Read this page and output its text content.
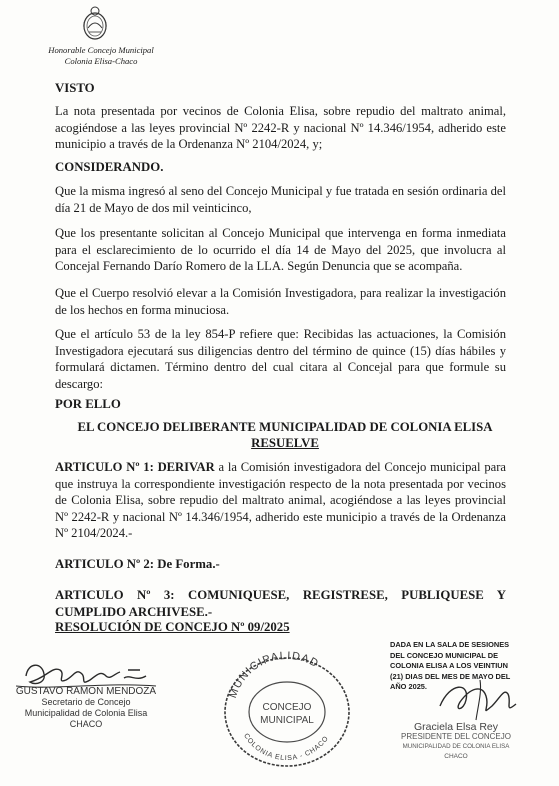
Honorable Concejo Municipal
Colonia Elisa-Chaco
VISTO
La nota presentada por vecinos de Colonia Elisa, sobre repudio del maltrato animal, acogiéndose a las leyes provincial Nº 2242-R y nacional Nº 14.346/1954, adherido este municipio a través de la Ordenanza Nº 2104/2024, y;
CONSIDERANDO.
Que la misma ingresó al seno del Concejo Municipal y fue tratada en sesión ordinaria del día 21 de Mayo de dos mil veinticinco,
Que los presentante solicitan al Concejo Municipal que intervenga en forma inmediata para el esclarecimiento de lo ocurrido el día 14 de Mayo del 2025, que involucra al Concejal Fernando Darío Romero de la LLA. Según Denuncia que se acompaña.
Que el Cuerpo resolvió elevar a la Comisión Investigadora, para realizar la investigación de los hechos en forma minuciosa.
Que el artículo 53 de la ley 854-P refiere que: Recibidas las actuaciones, la Comisión Investigadora ejecutará sus diligencias dentro del término de quince (15) días hábiles y formulará dictamen. Término dentro del cual citara al Concejal para que formule su descargo:
POR ELLO
EL CONCEJO DELIBERANTE MUNICIPALIDAD DE COLONIA ELISA
RESUELVE
ARTICULO Nº 1: DERIVAR a la Comisión investigadora del Concejo municipal para que instruya la correspondiente investigación respecto de la nota presentada por vecinos de Colonia Elisa, sobre repudio del maltrato animal, acogiéndose a las leyes provincial Nº 2242-R y nacional Nº 14.346/1954, adherido este municipio a través de la Ordenanza Nº 2104/2024.-
ARTICULO Nº 2: De Forma.-
ARTICULO Nº 3: COMUNIQUESE, REGISTRESE, PUBLIQUESE Y CUMPLIDO ARCHIVESE.-
RESOLUCIÓN DE CONCEJO Nº 09/2025
DADA EN LA SALA DE SESIONES DEL CONCEJO MUNICIPAL DE COLONIA ELISA A LOS VEINTIUN (21) DIAS DEL MES DE MAYO DEL AÑO 2025.
GUSTAVO RAMON MENDOZA
Secretario de Concejo
Municipalidad de Colonia Elisa
CHACO
MUNICIPALIDAD
COLONIA ELISA - CHACO
CONCEJO
MUNICIPAL
Graciela Elsa Rey
PRESIDENTE DEL CONCEJO
MUNICIPALIDAD DE COLONIA ELISA
CHACO
